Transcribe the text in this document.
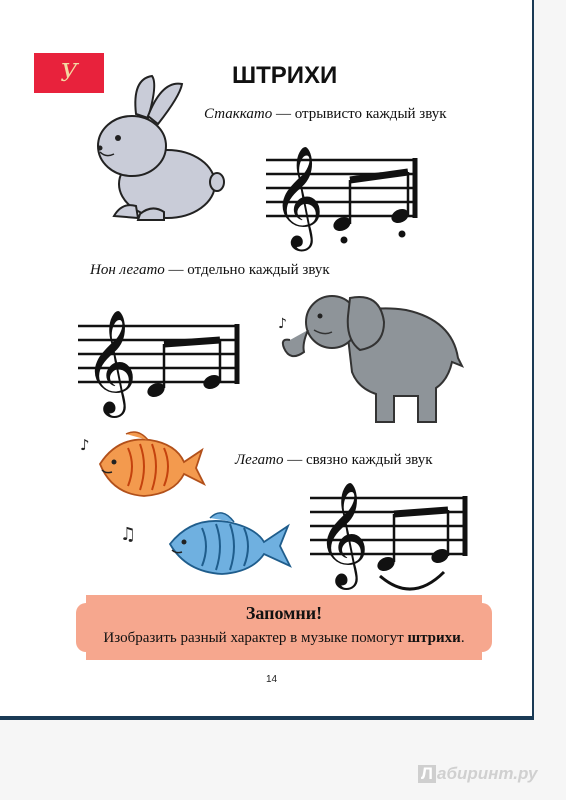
У	ШТРИХИ
Стаккато — отрывисто каждый звук
𝄞
Нон легато — отдельно каждый звук
𝄞	♪
♪
♫
Легато — связно каждый звук
𝄞
Запомни!
Изобразить разный характер в музыке помогут штрихи.
14
Л абиринт.ру
